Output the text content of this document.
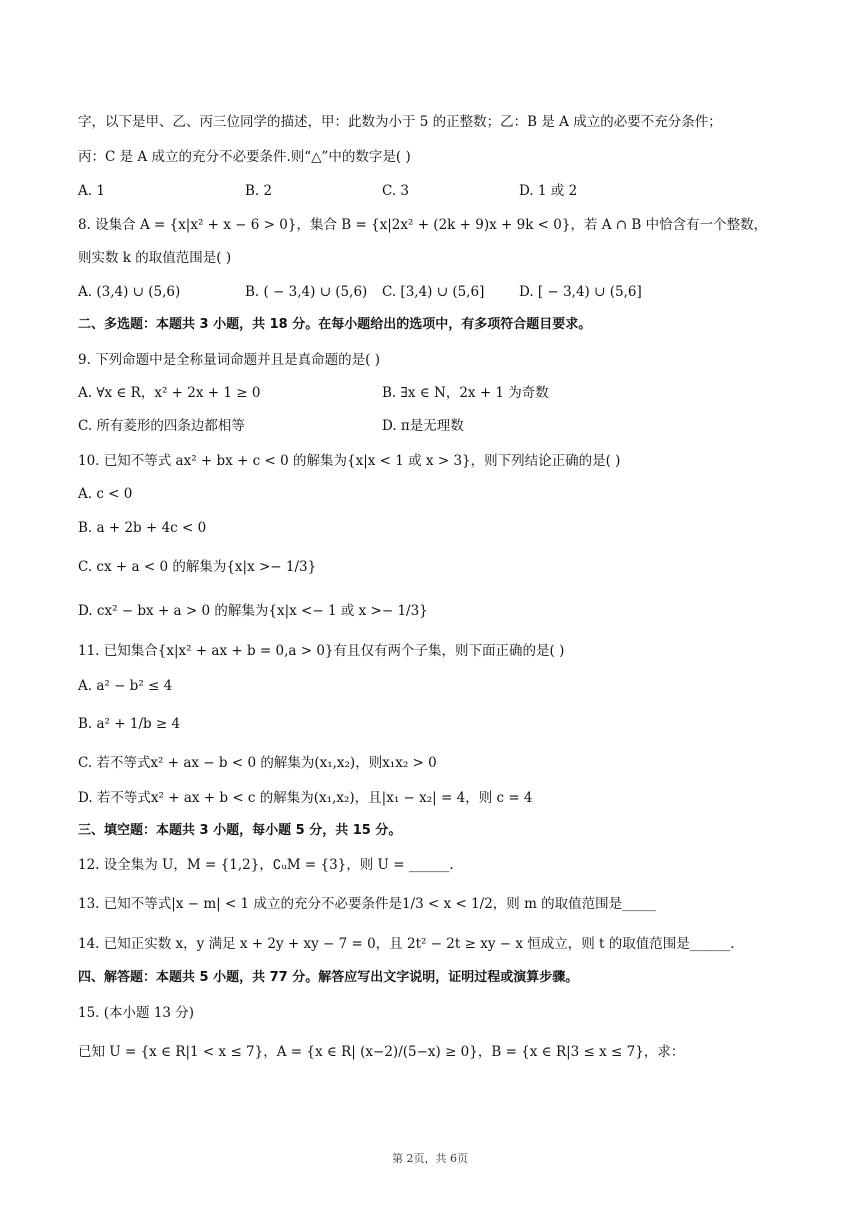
字，以下是甲、乙、丙三位同学的描述，甲：此数为小于 5 的正整数；乙：B 是 A 成立的必要不充分条件；
丙：C 是 A 成立的充分不必要条件.则“△”中的数字是( )
A. 1	B. 2	C. 3	D. 1 或 2
8. 设集合 A = {x|x² + x − 6 > 0}，集合 B = {x|2x² + (2k + 9)x + 9k < 0}，若 A ∩ B 中恰含有一个整数，
则实数 k 的取值范围是( )
A. (3,4) ∪ (5,6)	B. ( − 3,4) ∪ (5,6) C. [3,4) ∪ (5,6]	D. [ − 3,4) ∪ (5,6]
二、多选题：本题共 3 小题，共 18 分。在每小题给出的选项中，有多项符合题目要求。
9. 下列命题中是全称量词命题并且是真命题的是( )
A. ∀x ∈ R，x² + 2x + 1 ≥ 0	B. ∃x ∈ N，2x + 1 为奇数
C. 所有菱形的四条边都相等	D. π是无理数
10. 已知不等式 ax² + bx + c < 0 的解集为{x|x < 1 或 x > 3}，则下列结论正确的是( )
A. c < 0
B. a + 2b + 4c < 0
C. cx + a < 0 的解集为{x|x >− 1/3}
D. cx² − bx + a > 0 的解集为{x|x <− 1 或 x >− 1/3}
11. 已知集合{x|x² + ax + b = 0,a > 0}有且仅有两个子集，则下面正确的是( )
A. a² − b² ≤ 4
B. a² + 1/b ≥ 4
C. 若不等式x² + ax − b < 0 的解集为(x₁,x₂)，则x₁x₂ > 0
D. 若不等式x² + ax + b < c 的解集为(x₁,x₂)，且|x₁ − x₂| = 4，则 c = 4
三、填空题：本题共 3 小题，每小题 5 分，共 15 分。
12. 设全集为 U，M = {1,2}，∁ᵤM = {3}，则 U = ______.
13. 已知不等式|x − m| < 1 成立的充分不必要条件是1/3 < x < 1/2，则 m 的取值范围是_____
14. 已知正实数 x，y 满足 x + 2y + xy − 7 = 0，且 2t² − 2t ≥ xy − x 恒成立，则 t 的取值范围是______.
四、解答题：本题共 5 小题，共 77 分。解答应写出文字说明，证明过程或演算步骤。
15. (本小题 13 分)
已知 U = {x ∈ R|1 < x ≤ 7}，A = {x ∈ R| (x−2)/(5−x) ≥ 0}，B = {x ∈ R|3 ≤ x ≤ 7}，求：
第 2页，共 6页
